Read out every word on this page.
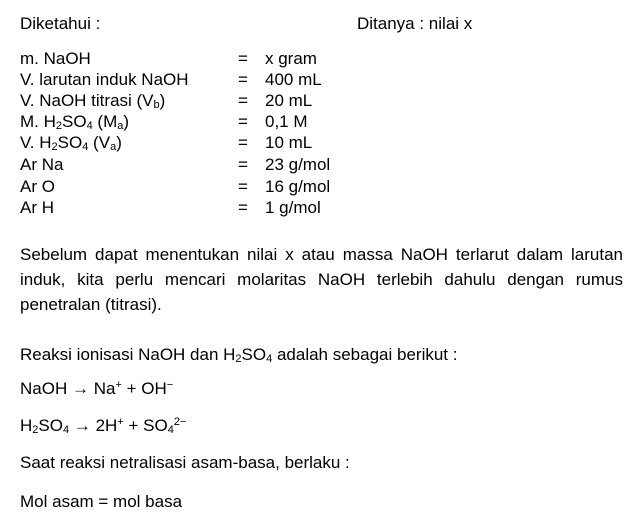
Diketahui :	Ditanya : nilai x
m. NaOH	= x gram
V. larutan induk NaOH	= 400 mL
V. NaOH titrasi $(V_b)$	= 20 mL
M. $H_2SO_4$ $(M_a)$	= 0,1 M
V. $H_2SO_4$ $(V_a)$	= 10 mL
Ar Na	= 23 g/mol
Ar O	= 16 g/mol
Ar H	= 1 g/mol
Sebelum dapat menentukan nilai x atau massa NaOH terlarut dalam larutan induk, kita perlu mencari molaritas NaOH terlebih dahulu dengan rumus penetralan (titrasi).
Reaksi ionisasi NaOH dan $H_2SO_4$ adalah sebagai berikut :
NaOH → Na+ + OH−
$H_2SO_4 \to 2H^+ + SO_4^{2-}$
Saat reaksi netralisasi asam-basa, berlaku :
Mol asam = mol basa
